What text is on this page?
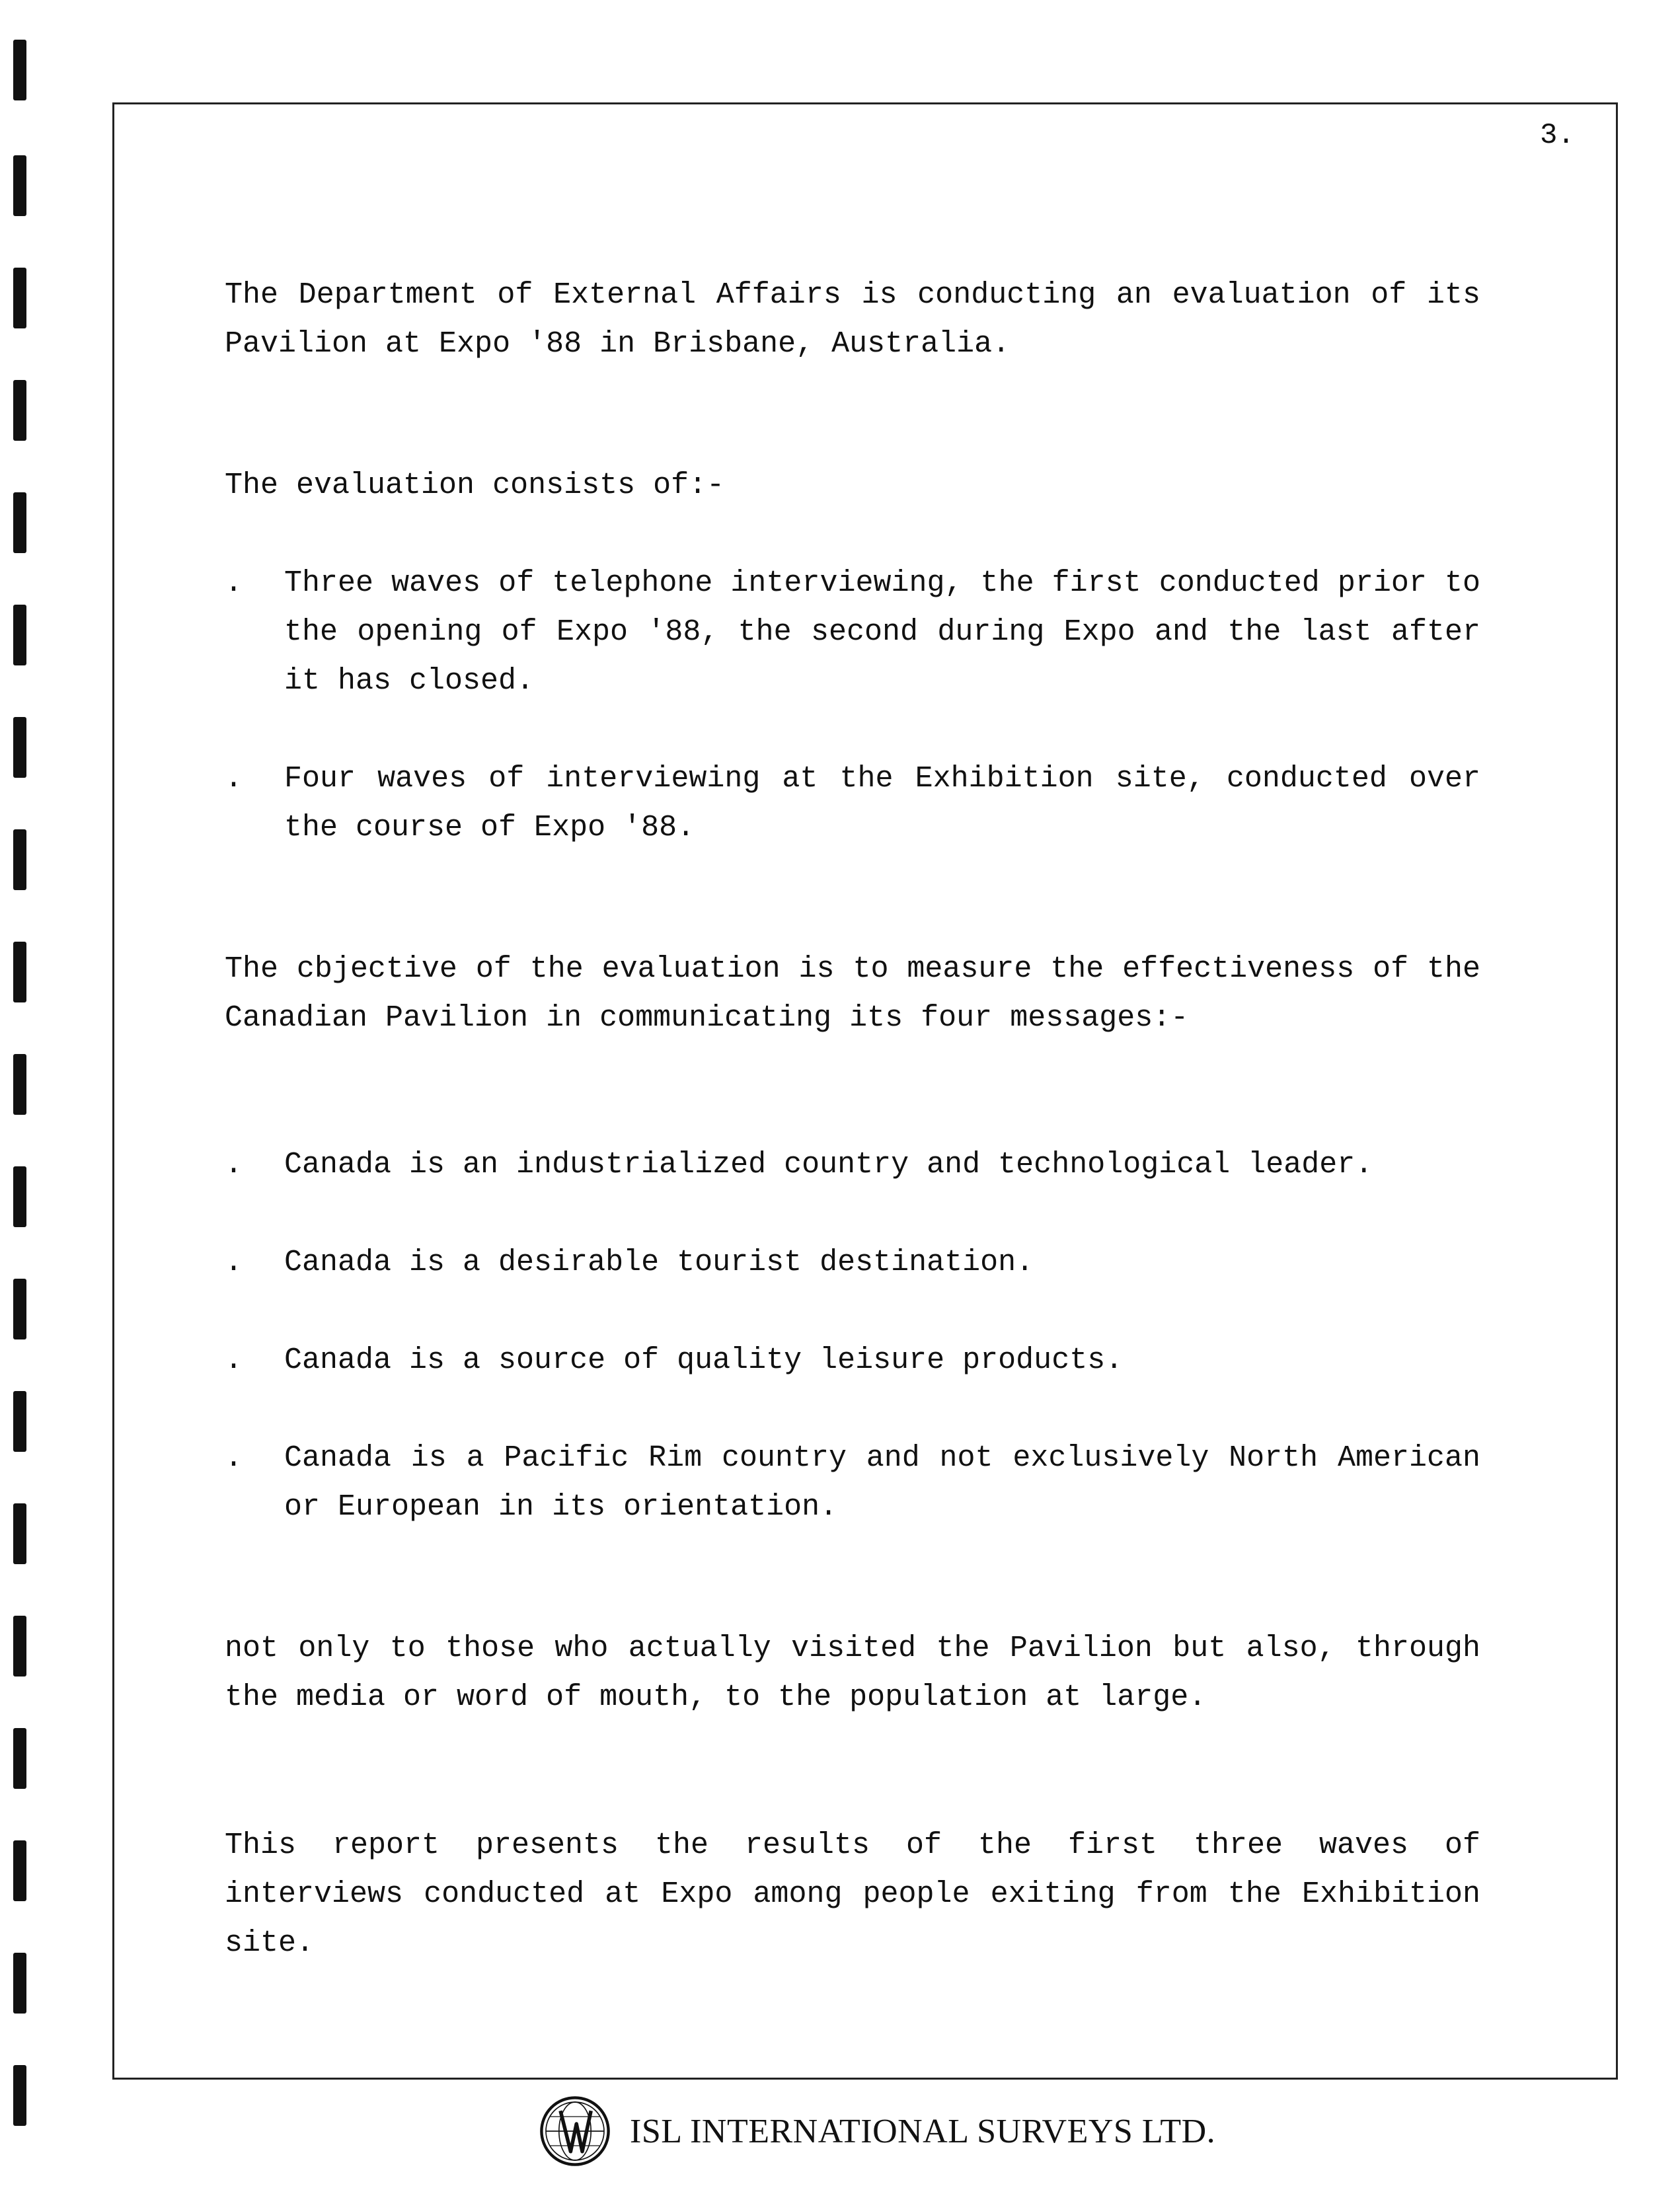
3.

The Department of External Affairs is conducting an evaluation of its Pavilion at Expo '88 in Brisbane, Australia.

The evaluation consists of:-

.	Three waves of telephone interviewing, the first conducted prior to the opening of Expo '88, the second during Expo and the last after it has closed.
.	Four waves of interviewing at the Exhibition site, conducted over the course of Expo '88.

The cbjective of the evaluation is to measure the effectiveness of the Canadian Pavilion in communicating its four messages:-

.	Canada is an industrialized country and technological leader.
.	Canada is a desirable tourist destination.
.	Canada is a source of quality leisure products.
.	Canada is a Pacific Rim country and not exclusively North American or European in its orientation.

not only to those who actually visited the Pavilion but also, through the media or word of mouth, to the population at large.

This report presents the results of the first three waves of interviews conducted at Expo among people exiting from the Exhibition site.

ISL INTERNATIONAL SURVEYS LTD.
